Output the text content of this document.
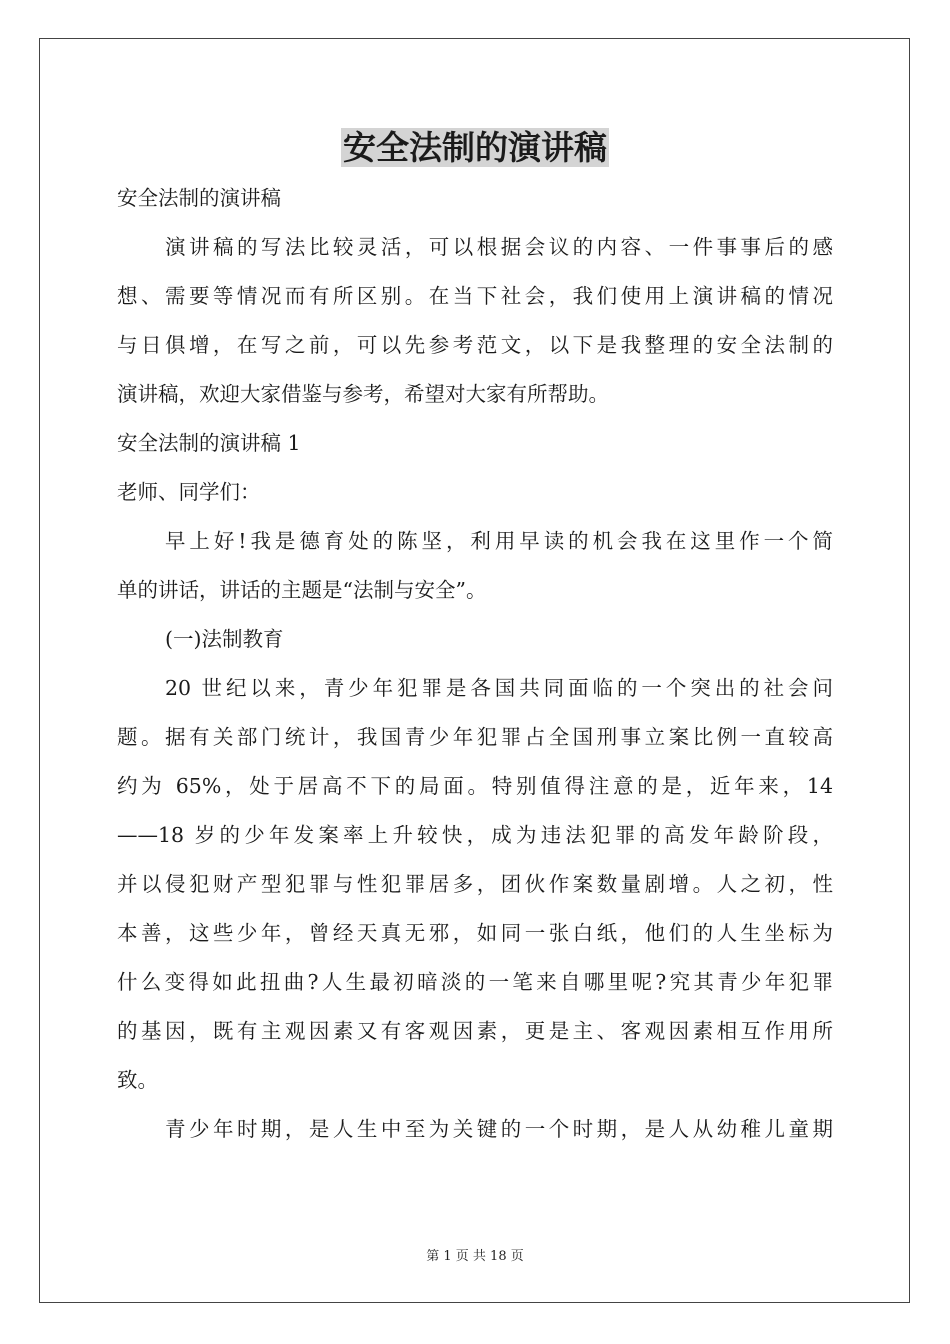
安全法制的演讲稿
安全法制的演讲稿
演讲稿的写法比较灵活，可以根据会议的内容、一件事事后的感
想、需要等情况而有所区别。在当下社会，我们使用上演讲稿的情况
与日俱增，在写之前，可以先参考范文，以下是我整理的安全法制的
演讲稿，欢迎大家借鉴与参考，希望对大家有所帮助。
安全法制的演讲稿 1
老师、同学们：
早上好!我是德育处的陈坚，利用早读的机会我在这里作一个简
单的讲话，讲话的主题是“法制与安全”。
(一)法制教育
20 世纪以来，青少年犯罪是各国共同面临的一个突出的社会问
题。据有关部门统计，我国青少年犯罪占全国刑事立案比例一直较高
约为 65%，处于居高不下的局面。特别值得注意的是，近年来，14
——18 岁的少年发案率上升较快，成为违法犯罪的高发年龄阶段，
并以侵犯财产型犯罪与性犯罪居多，团伙作案数量剧增。人之初，性
本善，这些少年，曾经天真无邪，如同一张白纸，他们的人生坐标为
什么变得如此扭曲?人生最初暗淡的一笔来自哪里呢?究其青少年犯罪
的基因，既有主观因素又有客观因素，更是主、客观因素相互作用所
致。
青少年时期，是人生中至为关键的一个时期，是人从幼稚儿童期
第 1 页 共 18 页
